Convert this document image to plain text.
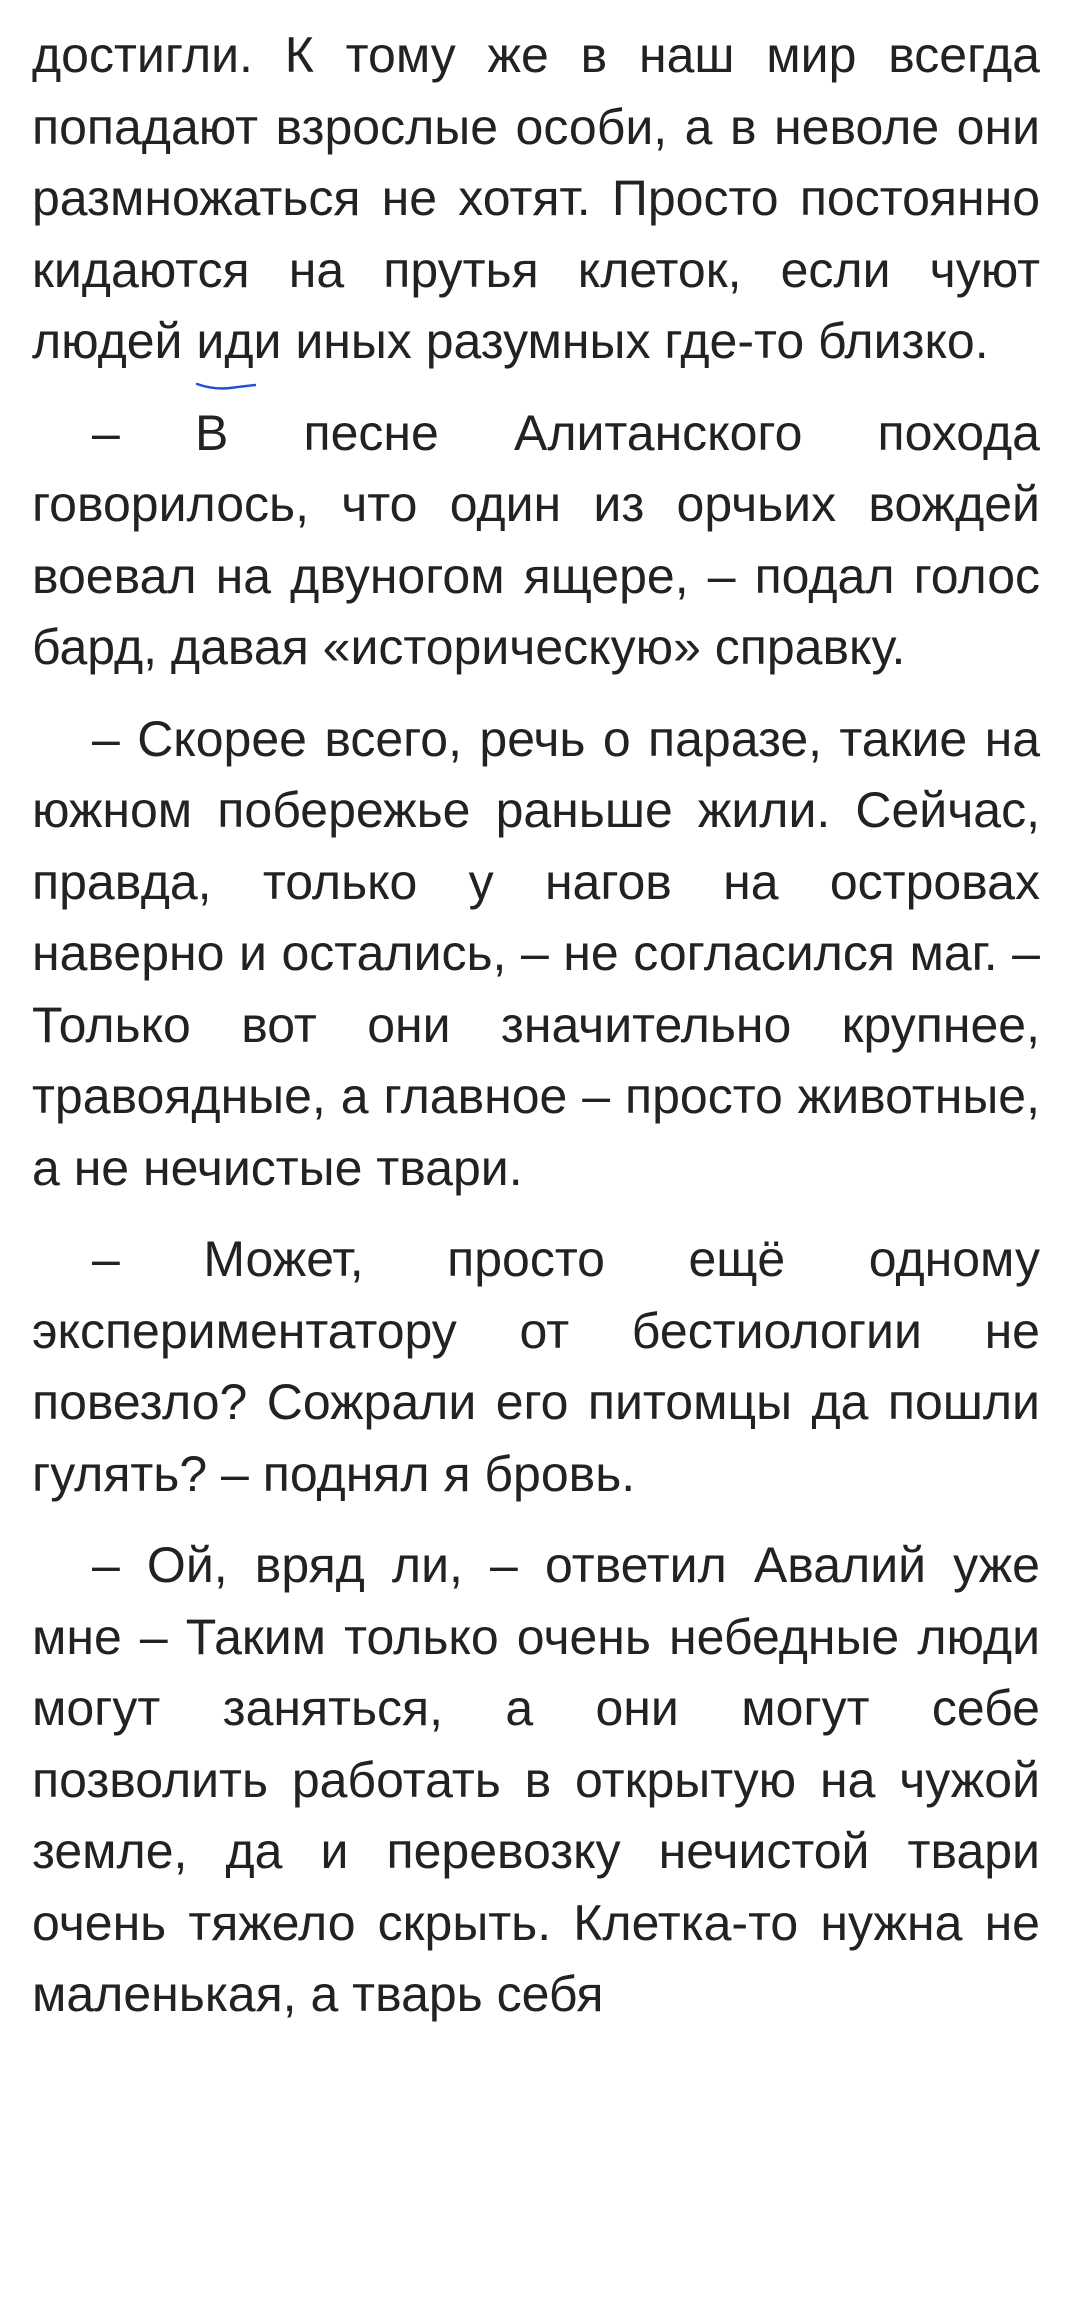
достигли. К тому же в наш мир всегда попадают взрослые особи, а в неволе они размножаться не хотят. Просто постоянно кидаются на прутья клеток, если чуют людей иди
иных разумных где-то близко.

– В песне Алитанского похода говорилось, что один из орчьих вождей воевал на двуногом ящере, – подал голос бард, давая «историческую» справку.

– Скорее всего, речь о паразе, такие на южном побережье раньше жили. Сейчас, правда, только у нагов на островах наверно и остались, – не согласился маг. – Только вот они значительно крупнее, травоядные, а главное – просто животные, а не нечистые твари.

– Может, просто ещё одному экспериментатору от бестиологии не повезло? Сожрали его питомцы да пошли гулять? – поднял я бровь.

– Ой, вряд ли, – ответил Авалий уже мне – Таким только очень небедные люди могут заняться, а они могут себе позволить работать в открытую на чужой земле, да и перевозку нечистой твари очень тяжело скрыть. Клетка-то нужна не маленькая, а тварь себя
